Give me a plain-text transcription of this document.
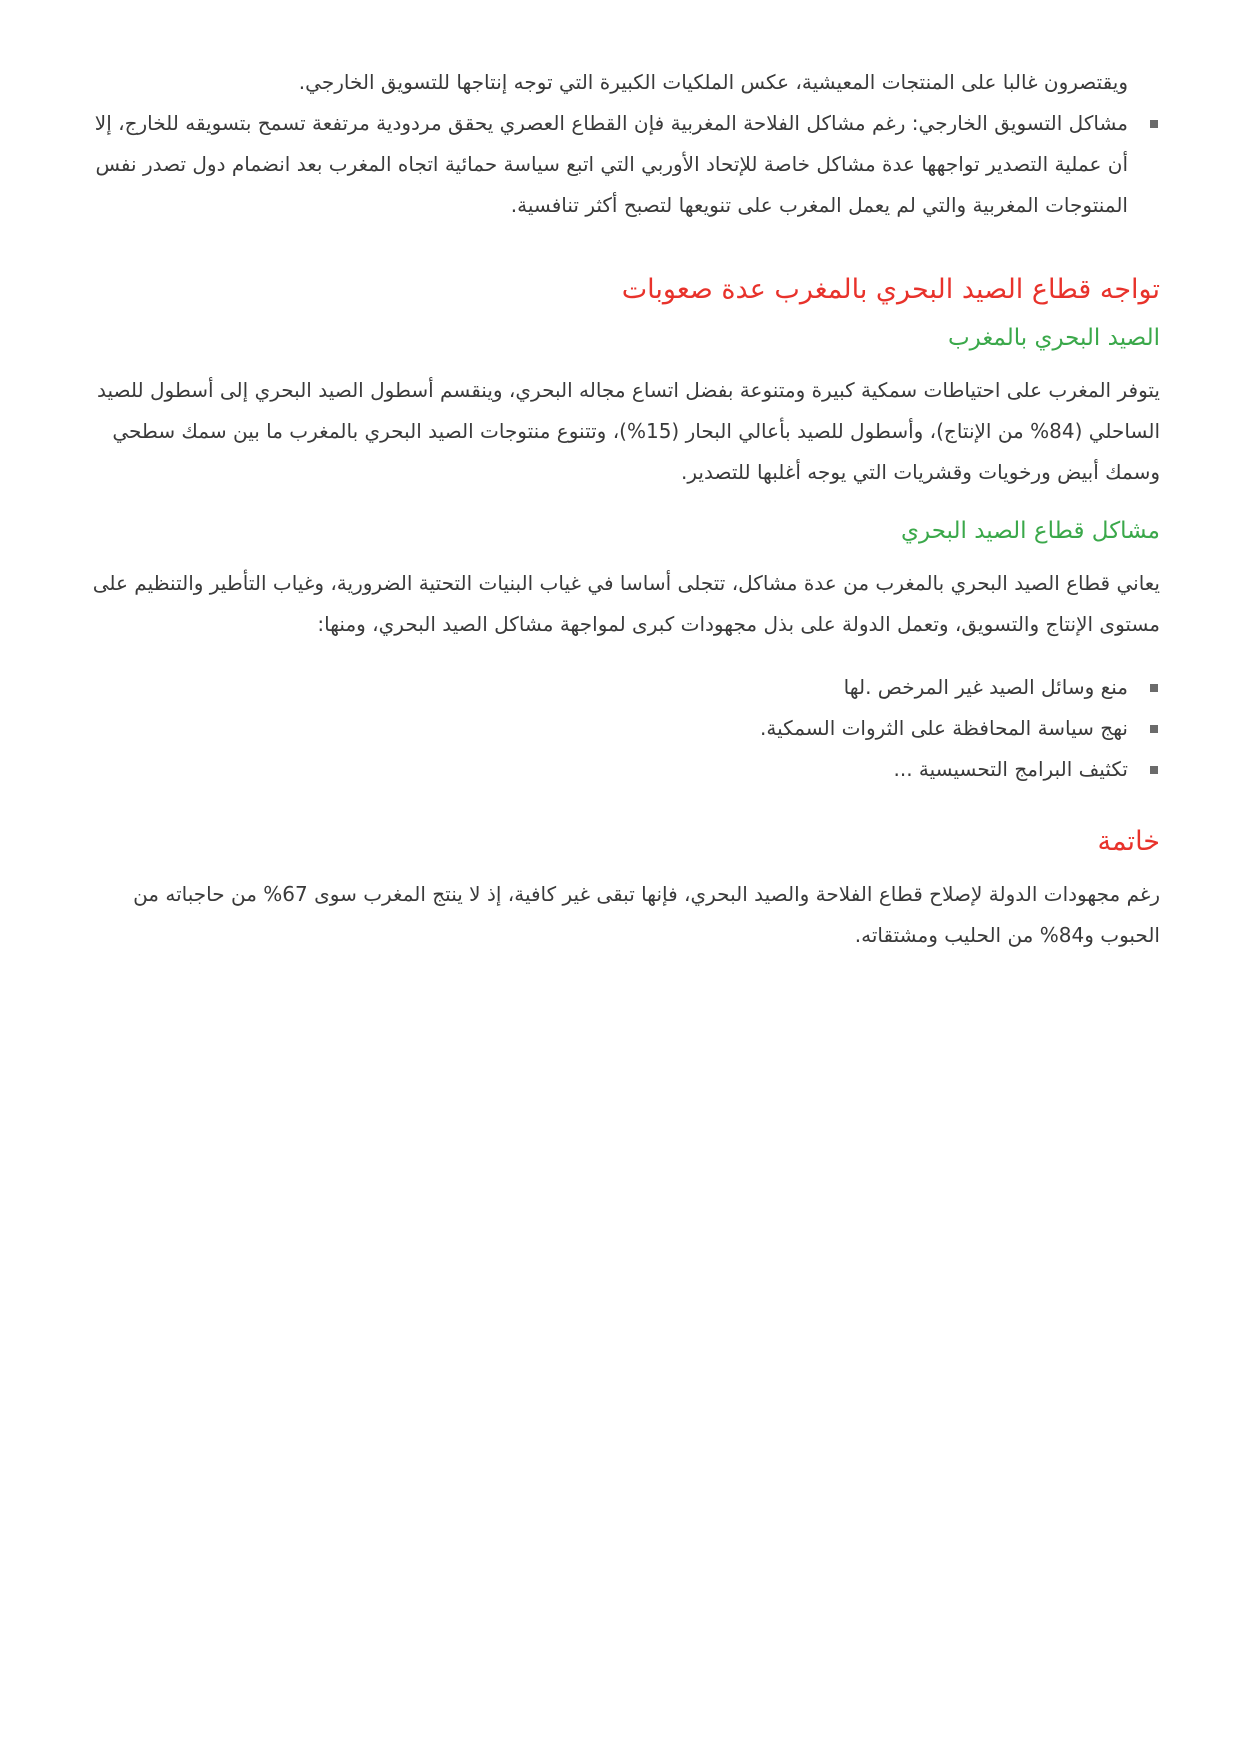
ويقتصرون غالبا على المنتجات المعيشية، عكس الملكيات الكبيرة التي توجه إنتاجها للتسويق الخارجي.

مشاكل التسويق الخارجي: رغم مشاكل الفلاحة المغربية فإن القطاع العصري يحقق مردودية مرتفعة تسمح بتسويقه للخارج، إلا أن عملية التصدير تواجهها عدة مشاكل خاصة للإتحاد الأوربي التي اتبع سياسة حمائية اتجاه المغرب بعد انضمام دول تصدر نفس المنتوجات المغربية والتي لم يعمل المغرب على تنويعها لتصبح أكثر تنافسية.
تواجه قطاع الصيد البحري بالمغرب عدة صعوبات
الصيد البحري بالمغرب

يتوفر المغرب على احتياطات سمكية كبيرة ومتنوعة بفضل اتساع مجاله البحري، وينقسم أسطول الصيد البحري إلى أسطول للصيد الساحلي (84% من الإنتاج)، وأسطول للصيد بأعالي البحار (15%)، وتتنوع منتوجات الصيد البحري بالمغرب ما بين سمك سطحي وسمك أبيض ورخويات وقشريات التي يوجه أغلبها للتصدير.

مشاكل قطاع الصيد البحري

يعاني قطاع الصيد البحري بالمغرب من عدة مشاكل، تتجلى أساسا في غياب البنيات التحتية الضرورية، وغياب التأطير والتنظيم على مستوى الإنتاج والتسويق، وتعمل الدولة على بذل مجهودات كبرى لمواجهة مشاكل الصيد البحري، ومنها:

منع وسائل الصيد غير المرخص .لها
نهج سياسة المحافظة على الثروات السمكية.
تكثيف البرامج التحسيسية ...
خاتمة

رغم مجهودات الدولة لإصلاح قطاع الفلاحة والصيد البحري، فإنها تبقى غير كافية، إذ لا ينتج المغرب سوى 67% من حاجباته من الحبوب و84% من الحليب ومشتقاته.
